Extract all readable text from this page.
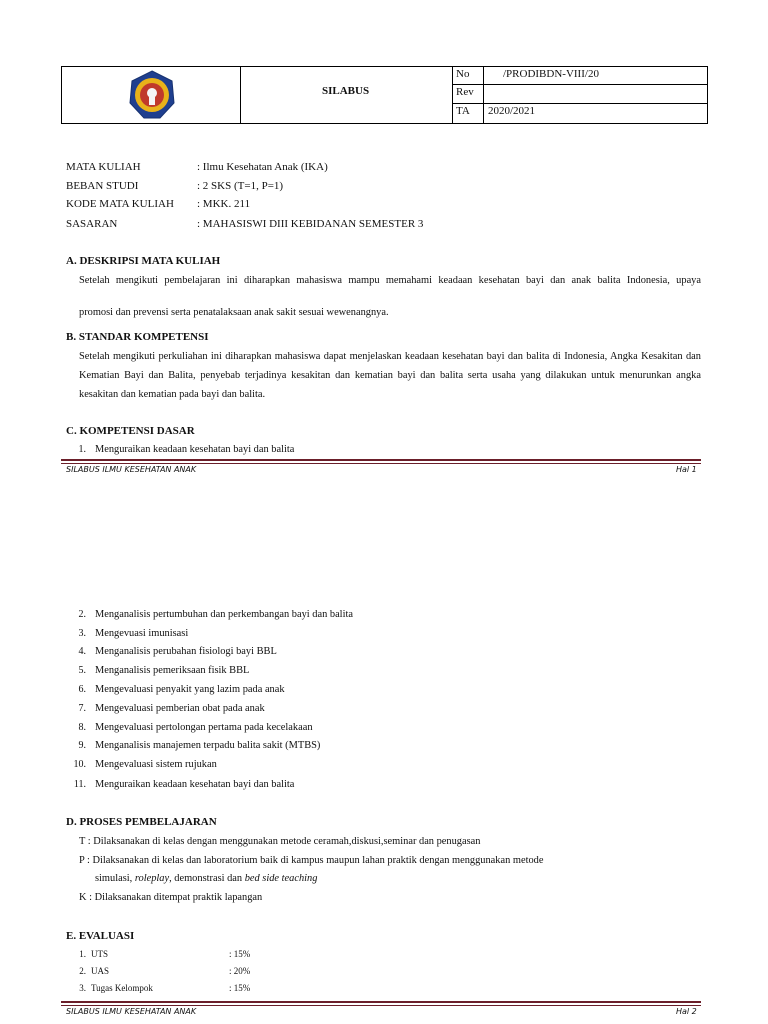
SILABUS
No	/PRODIBDN-VIII/20
Rev
TA 2020/2021
MATA KULIAH	: Ilmu Kesehatan Anak (IKA)
BEBAN STUDI	: 2 SKS (T=1, P=1)
KODE MATA KULIAH : MKK. 211
SASARAN	: MAHASISWI DIII KEBIDANAN SEMESTER 3
A. DESKRIPSI MATA KULIAH
Setelah mengikuti pembelajaran ini diharapkan mahasiswa mampu memahami keadaan kesehatan bayi dan anak balita Indonesia, upaya
promosi dan prevensi serta penatalaksaan anak sakit sesuai wewenangnya.
B. STANDAR KOMPETENSI
Setelah mengikuti perkuliahan ini diharapkan mahasiswa dapat menjelaskan keadaan kesehatan bayi dan balita di Indonesia, Angka Kesakitan dan Kematian Bayi dan Balita, penyebab terjadinya kesakitan dan kematian bayi dan balita serta usaha yang dilakukan untuk menurunkan angka kesakitan dan kematian pada bayi dan balita.
C. KOMPETENSI DASAR
1. Menguraikan keadaan kesehatan bayi dan balita
SILABUS ILMU KESEHATAN ANAK	Hal 1
2. Menganalisis pertumbuhan dan perkembangan bayi dan balita
3. Mengevuasi imunisasi
4. Menganalisis perubahan fisiologi bayi BBL
5. Menganalisis pemeriksaan fisik BBL
6. Mengevaluasi penyakit yang lazim pada anak
7. Mengevaluasi pemberian obat pada anak
8. Mengevaluasi pertolongan pertama pada kecelakaan
9. Menganalisis manajemen terpadu balita sakit (MTBS)
10. Mengevaluasi sistem rujukan
11. Menguraikan keadaan kesehatan bayi dan balita
D. PROSES PEMBELAJARAN
T : Dilaksanakan di kelas dengan menggunakan metode ceramah,diskusi,seminar dan penugasan
P : Dilaksanakan di kelas dan laboratorium baik di kampus maupun lahan praktik dengan menggunakan metode
simulasi, roleplay, demonstrasi dan bed side teaching
K : Dilaksanakan ditempat praktik lapangan
E. EVALUASI
1. UTS	: 15%
2. UAS	: 20%
3. Tugas Kelompok	: 15%
SILABUS ILMU KESEHATAN ANAK	Hal 2
